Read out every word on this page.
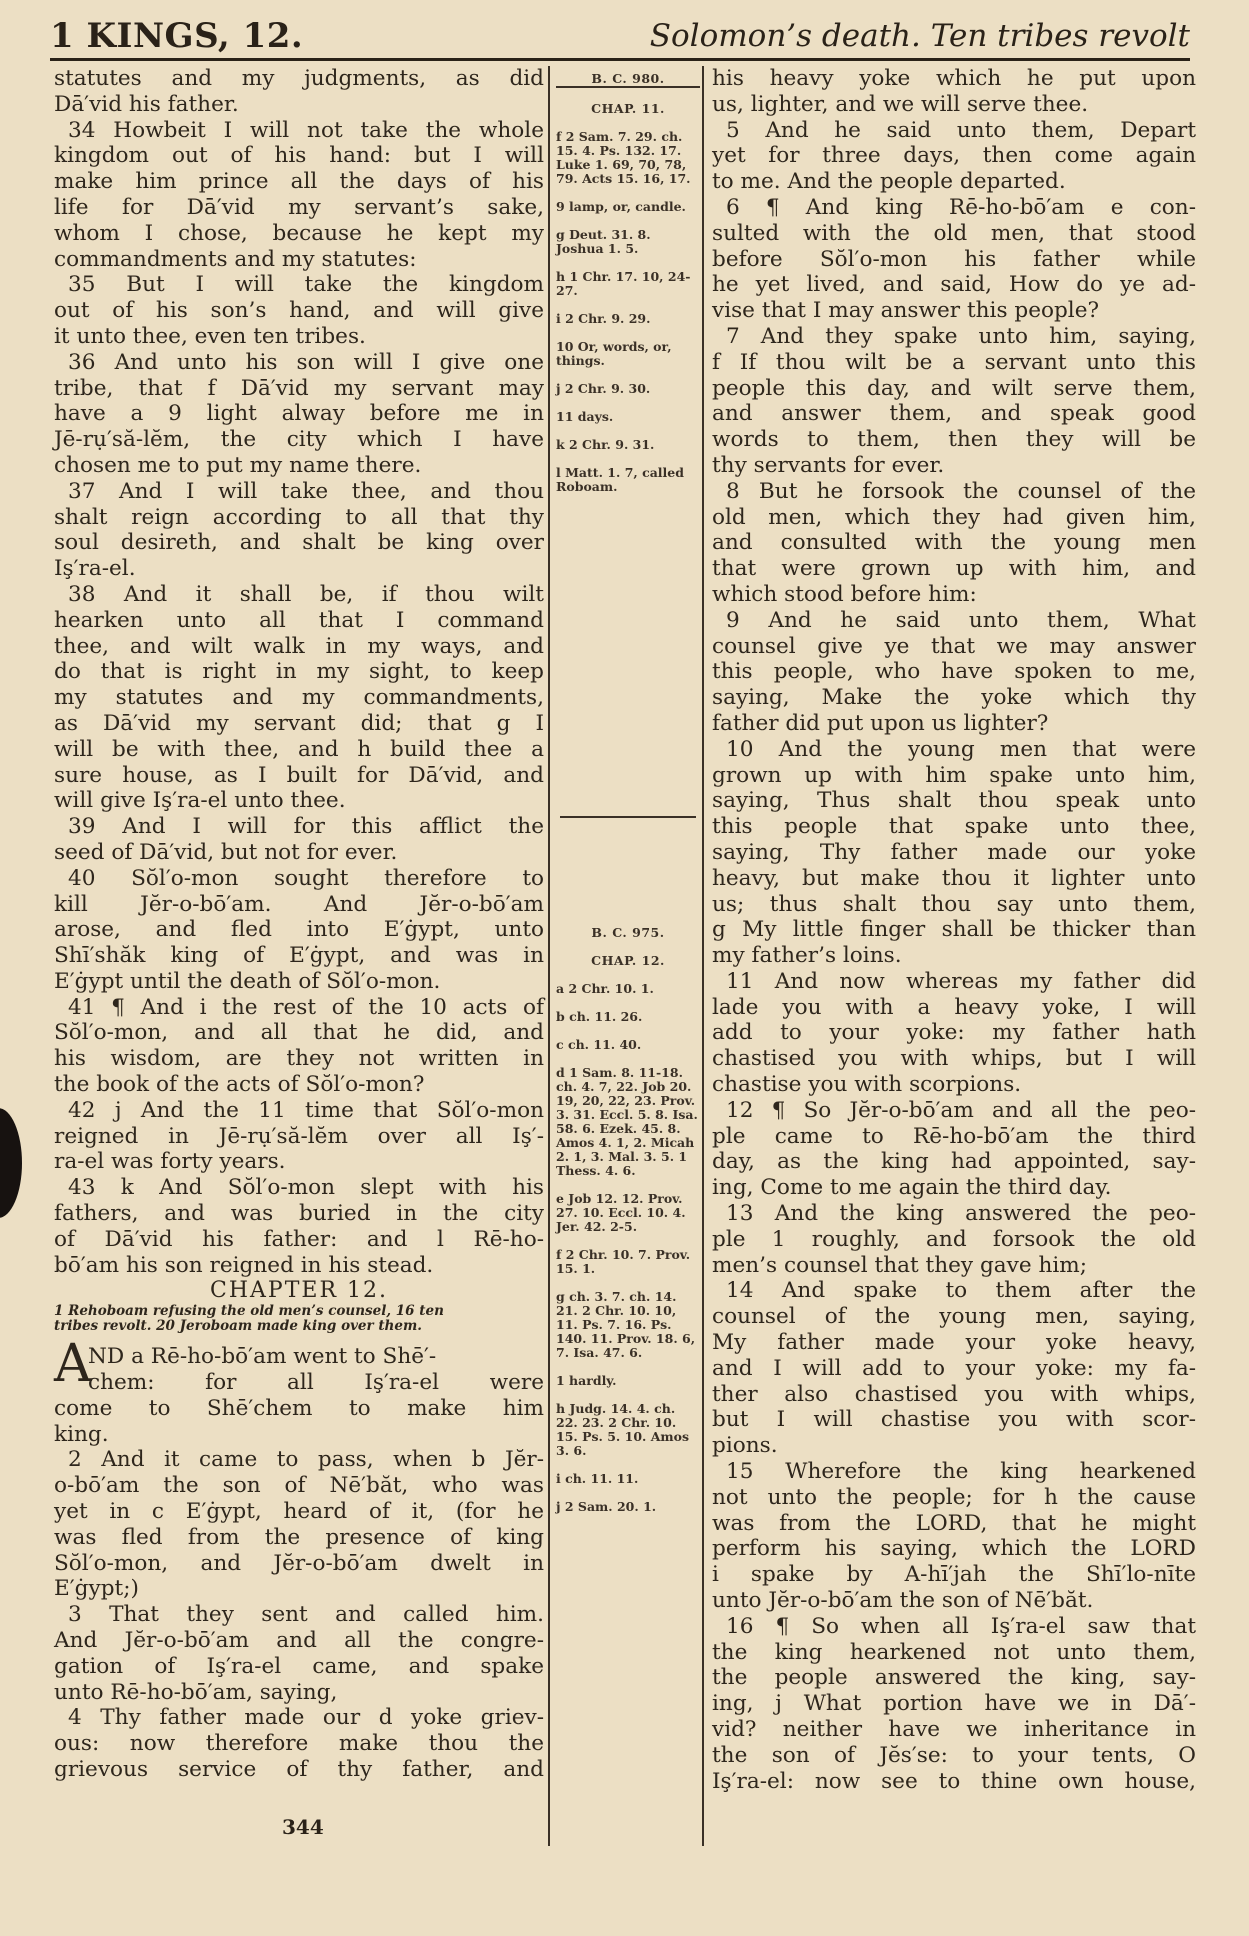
1 KINGS, 12.	Solomon’s death. Ten tribes revolt
statutes and my judgments, as did
Dā′vid his father.
34 Howbeit I will not take the whole
kingdom out of his hand: but I will
make him prince all the days of his
life for Dā′vid my servant’s sake,
whom I chose, because he kept my
commandments and my statutes:
35 But I will take the kingdom
out of his son’s hand, and will give
it unto thee, even ten tribes.
36 And unto his son will I give one
tribe, that f Dā′vid my servant may
have a 9 light alway before me in
Jē-rụ′să-lĕm, the city which I have
chosen me to put my name there.
37 And I will take thee, and thou
shalt reign according to all that thy
soul desireth, and shalt be king over
Iş′ra-el.
38 And it shall be, if thou wilt
hearken unto all that I command
thee, and wilt walk in my ways, and
do that is right in my sight, to keep
my statutes and my commandments,
as Dā′vid my servant did; that g I
will be with thee, and h build thee a
sure house, as I built for Dā′vid, and
will give Iş′ra-el unto thee.
39 And I will for this afflict the
seed of Dā′vid, but not for ever.
40 Sŏl′o-mon sought therefore to
kill Jĕr-o-bō′am. And Jĕr-o-bō′am
arose, and fled into E′ġypt, unto
Shī′shăk king of E′ġypt, and was in
E′ġypt until the death of Sŏl′o-mon.
41 ¶ And i the rest of the 10 acts of
Sŏl′o-mon, and all that he did, and
his wisdom, are they not written in
the book of the acts of Sŏl′o-mon?
42 j And the 11 time that Sŏl′o-mon
reigned in Jē-rụ′să-lĕm over all Iş′-
ra-el was forty years.
43 k And Sŏl′o-mon slept with his
fathers, and was buried in the city
of Dā′vid his father: and l Rē-ho-
bō′am his son reigned in his stead.
CHAPTER 12.
1 Rehoboam refusing the old men’s counsel, 16 ten
tribes revolt. 20 Jeroboam made king over them.
AND a Rē-ho-bō′am went to Shē′-
chem: for all Iş′ra-el were
come to Shē′chem to make him
king.
2 And it came to pass, when b Jĕr-
o-bō′am the son of Nē′băt, who was
yet in c E′ġypt, heard of it, (for he
was fled from the presence of king
Sŏl′o-mon, and Jĕr-o-bō′am dwelt in
E′ġypt;)
3 That they sent and called him.
And Jĕr-o-bō′am and all the congre-
gation of Iş′ra-el came, and spake
unto Rē-ho-bō′am, saying,
4 Thy father made our d yoke griev-
ous: now therefore make thou the
grievous service of thy father, and
B. C. 980.
CHAP. 11.
f 2 Sam. 7. 29. ch. 15. 4. Ps. 132. 17. Luke 1. 69, 70, 78, 79. Acts 15. 16, 17.
9 lamp, or, candle.
g Deut. 31. 8. Joshua 1. 5.
h 1 Chr. 17. 10, 24-27.
i 2 Chr. 9. 29.
10 Or, words, or, things.
j 2 Chr. 9. 30.
11 days.
k 2 Chr. 9. 31.
l Matt. 1. 7, called Roboam.
B. C. 975.
CHAP. 12.
a 2 Chr. 10. 1.
b ch. 11. 26.
c ch. 11. 40.
d 1 Sam. 8. 11-18. ch. 4. 7, 22. Job 20. 19, 20, 22, 23. Prov. 3. 31. Eccl. 5. 8. Isa. 58. 6. Ezek. 45. 8. Amos 4. 1, 2. Micah 2. 1, 3. Mal. 3. 5. 1 Thess. 4. 6.
e Job 12. 12. Prov. 27. 10. Eccl. 10. 4. Jer. 42. 2-5.
f 2 Chr. 10. 7. Prov. 15. 1.
g ch. 3. 7. ch. 14. 21. 2 Chr. 10. 10, 11. Ps. 7. 16. Ps. 140. 11. Prov. 18. 6, 7. Isa. 47. 6.
1 hardly.
h Judg. 14. 4. ch. 22. 23. 2 Chr. 10. 15. Ps. 5. 10. Amos 3. 6.
i ch. 11. 11.
j 2 Sam. 20. 1.
his heavy yoke which he put upon
us, lighter, and we will serve thee.
5 And he said unto them, Depart
yet for three days, then come again
to me. And the people departed.
6 ¶ And king Rē-ho-bō′am e con-
sulted with the old men, that stood
before Sŏl′o-mon his father while
he yet lived, and said, How do ye ad-
vise that I may answer this people?
7 And they spake unto him, saying,
f If thou wilt be a servant unto this
people this day, and wilt serve them,
and answer them, and speak good
words to them, then they will be
thy servants for ever.
8 But he forsook the counsel of the
old men, which they had given him,
and consulted with the young men
that were grown up with him, and
which stood before him:
9 And he said unto them, What
counsel give ye that we may answer
this people, who have spoken to me,
saying, Make the yoke which thy
father did put upon us lighter?
10 And the young men that were
grown up with him spake unto him,
saying, Thus shalt thou speak unto
this people that spake unto thee,
saying, Thy father made our yoke
heavy, but make thou it lighter unto
us; thus shalt thou say unto them,
g My little finger shall be thicker than
my father’s loins.
11 And now whereas my father did
lade you with a heavy yoke, I will
add to your yoke: my father hath
chastised you with whips, but I will
chastise you with scorpions.
12 ¶ So Jĕr-o-bō′am and all the peo-
ple came to Rē-ho-bō′am the third
day, as the king had appointed, say-
ing, Come to me again the third day.
13 And the king answered the peo-
ple 1 roughly, and forsook the old
men’s counsel that they gave him;
14 And spake to them after the
counsel of the young men, saying,
My father made your yoke heavy,
and I will add to your yoke: my fa-
ther also chastised you with whips,
but I will chastise you with scor-
pions.
15 Wherefore the king hearkened
not unto the people; for h the cause
was from the LORD, that he might
perform his saying, which the LORD
i spake by A-hī′jah the Shī′lo-nīte
unto Jĕr-o-bō′am the son of Nē′băt.
16 ¶ So when all Iş′ra-el saw that
the king hearkened not unto them,
the people answered the king, say-
ing, j What portion have we in Dā′-
vid? neither have we inheritance in
the son of Jĕs′se: to your tents, O
Iş′ra-el: now see to thine own house,
344
